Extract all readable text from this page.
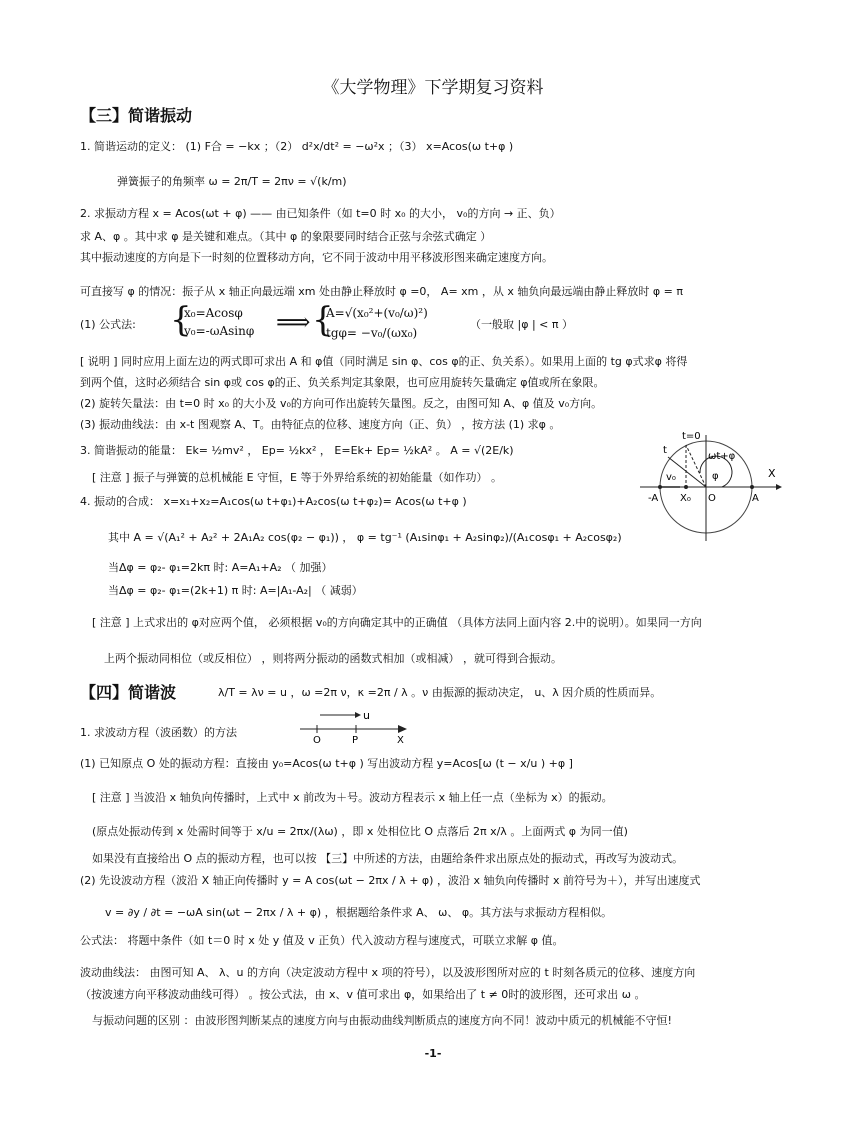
《大学物理》下学期复习资料
【三】简谐振动
1. 简谐运动的定义： (1) F合 = −kx ；（2） d²x/dt² = −ω²x ；（3） x=Acos(ω t+φ )
弹簧振子的角频率 ω = 2π/T = 2πν = √(k/m)
2. 求振动方程 x = Acos(ωt + φ) —— 由已知条件（如 t=0 时 x₀ 的大小， v₀的方向 → 正、负）
求 A、φ 。其中求 φ 是关键和难点。（其中 φ 的象限要同时结合正弦与余弦式确定 ）
其中振动速度的方向是下一时刻的位置移动方向，它不同于波动中用平移波形图来确定速度方向。
可直接写 φ 的情况：振子从 x 轴正向最远端 xm 处由静止释放时 φ =0， A= xm ，从 x 轴负向最远端由静止释放时 φ = π
(1) 公式法: {
x₀=Acosφ
v₀=-ωAsinφ ⟹ {
A=√(x₀²+(v₀/ω)²)
tgφ= −v₀/(ωx₀)
（一般取 |φ | < π ）
[ 说明 ] 同时应用上面左边的两式即可求出 A 和 φ值（同时满足 sin φ、cos φ的正、负关系）。如果用上面的 tg φ式求φ 将得
到两个值，这时必须结合 sin φ或 cos φ的正、负关系判定其象限，也可应用旋转矢量确定 φ值或所在象限。
(2) 旋转矢量法：由 t=0 时 x₀ 的大小及 v₀的方向可作出旋转矢量图。反之，由图可知 A、φ 值及 v₀方向。
(3) 振动曲线法：由 x-t 图观察 A、T。由特征点的位移、速度方向（正、负） ，按方法 (1) 求φ 。
3. 简谐振动的能量： Ek= ½mv² ， Ep= ½kx² ， E=Ek+ Ep= ½kA² 。 A = √(2E/k)
[ 注意 ] 振子与弹簧的总机械能 E 守恒，E 等于外界给系统的初始能量（如作功） 。
4. 振动的合成： x=x₁+x₂=A₁cos(ω t+φ₁)+A₂cos(ω t+φ₂)= Acos(ω t+φ )
其中 A = √(A₁² + A₂² + 2A₁A₂ cos(φ₂ − φ₁)) ， φ = tg⁻¹ (A₁sinφ₁ + A₂sinφ₂)/(A₁cosφ₁ + A₂cosφ₂)
当Δφ = φ₂- φ₁=2kπ 时: A=A₁+A₂ （ 加强）
当Δφ = φ₂- φ₁=(2k+1) π 时: A=|A₁-A₂| （ 减弱）
[ 注意 ] 上式求出的 φ对应两个值， 必须根据 v₀的方向确定其中的正确值 （具体方法同上面内容 2.中的说明）。如果同一方向
上两个振动同相位（或反相位） ，则将两分振动的函数式相加（或相减） ，就可得到合振动。
t=0
t
ωt+φ
φ
v₀	X
-A X₀ O	A
【四】简谐波	λ/T = λν = u ，ω =2π ν，κ =2π / λ 。ν 由振源的振动决定， u、λ 因介质的性质而异。
u
O	P	X
1. 求波动方程（波函数）的方法
(1) 已知原点 O 处的振动方程：直接由 y₀=Acos(ω t+φ ) 写出波动方程 y=Acos[ω (t − x/u ) +φ ]
[ 注意 ] 当波沿 x 轴负向传播时，上式中 x 前改为＋号。波动方程表示 x 轴上任一点（坐标为 x）的振动。
(原点处振动传到 x 处需时间等于 x/u = 2πx/(λω) ，即 x 处相位比 O 点落后 2π x/λ 。上面两式 φ 为同一值)
如果没有直接给出 O 点的振动方程，也可以按 【三】中所述的方法，由题给条件求出原点处的振动式，再改写为波动式。
(2) 先设波动方程（波沿 X 轴正向传播时 y = A cos(ωt − 2πx / λ + φ) ，波沿 x 轴负向传播时 x 前符号为＋），并写出速度式
v = ∂y / ∂t = −ωA sin(ωt − 2πx / λ + φ) ，根据题给条件求 A、 ω、 φ。其方法与求振动方程相似。
公式法： 将题中条件（如 t＝0 时 x 处 y 值及 v 正负）代入波动方程与速度式，可联立求解 φ 值。
波动曲线法： 由图可知 A、 λ、u 的方向（决定波动方程中 x 项的符号），以及波形图所对应的 t 时刻各质元的位移、速度方向
（按波速方向平移波动曲线可得） 。按公式法，由 x、v 值可求出 φ，如果给出了 t ≠ 0时的波形图，还可求出 ω 。
与振动问题的区别 ：由波形图判断某点的速度方向与由振动曲线判断质点的速度方向不同！波动中质元的机械能不守恒!
-1-
